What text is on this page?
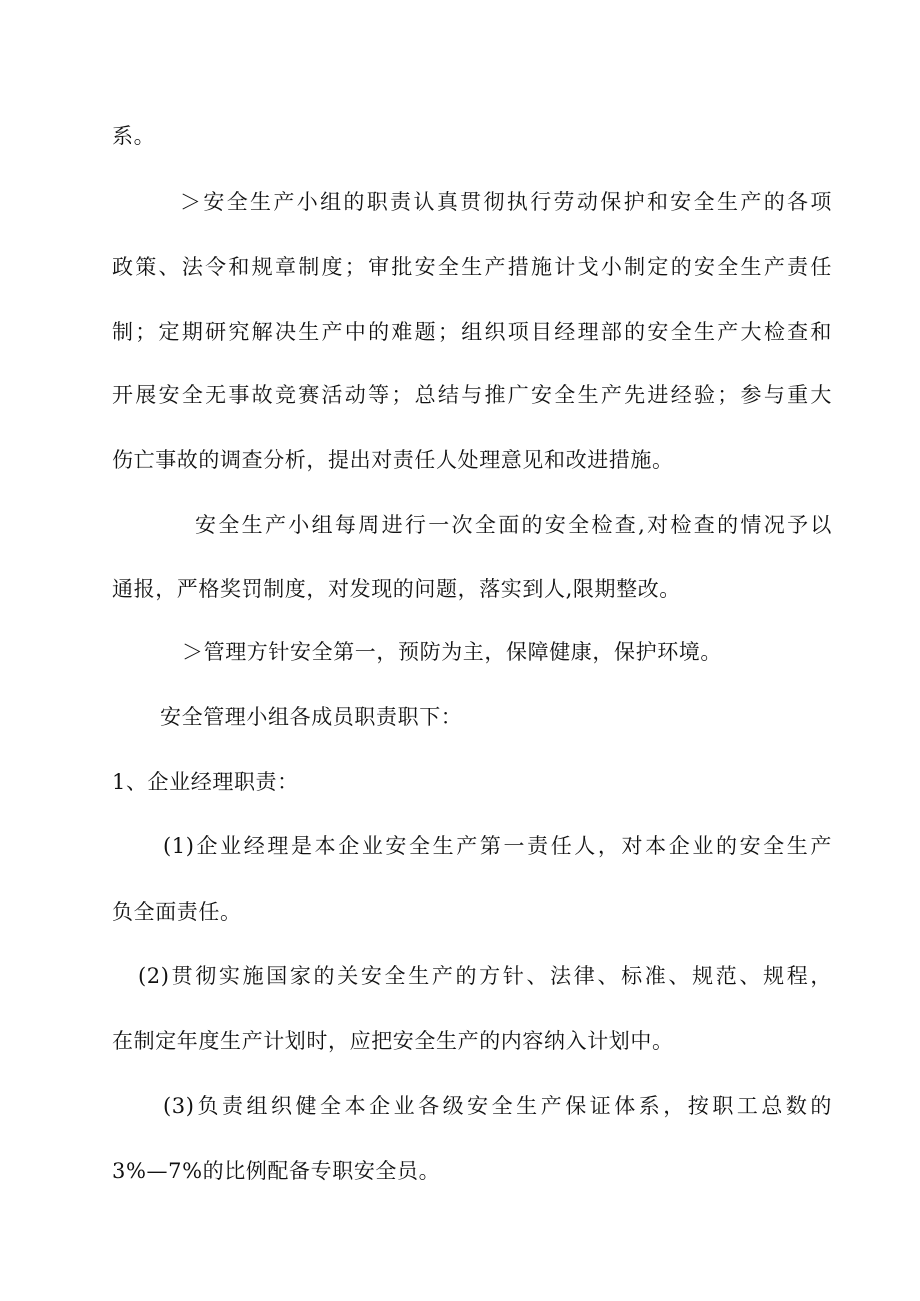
系。
＞安全生产小组的职责认真贯彻执行劳动保护和安全生产的各项
政策、法令和规章制度；审批安全生产措施计戈小制定的安全生产责任
制；定期研究解决生产中的难题；组织项目经理部的安全生产大检查和
开展安全无事故竞赛活动等；总结与推广安全生产先进经验；参与重大
伤亡事故的调查分析，提出对责任人处理意见和改进措施。
安全生产小组每周进行一次全面的安全检查,对检查的情况予以
通报，严格奖罚制度，对发现的问题，落实到人,限期整改。
＞管理方针安全第一，预防为主，保障健康，保护环境。
安全管理小组各成员职责职下：
1、企业经理职责：
(1)企业经理是本企业安全生产第一责任人，对本企业的安全生产
负全面责任。
(2)贯彻实施国家的关安全生产的方针、法律、标准、规范、规程，
在制定年度生产计划时，应把安全生产的内容纳入计划中。
(3)负责组织健全本企业各级安全生产保证体系，按职工总数的
3%—7%的比例配备专职安全员。
